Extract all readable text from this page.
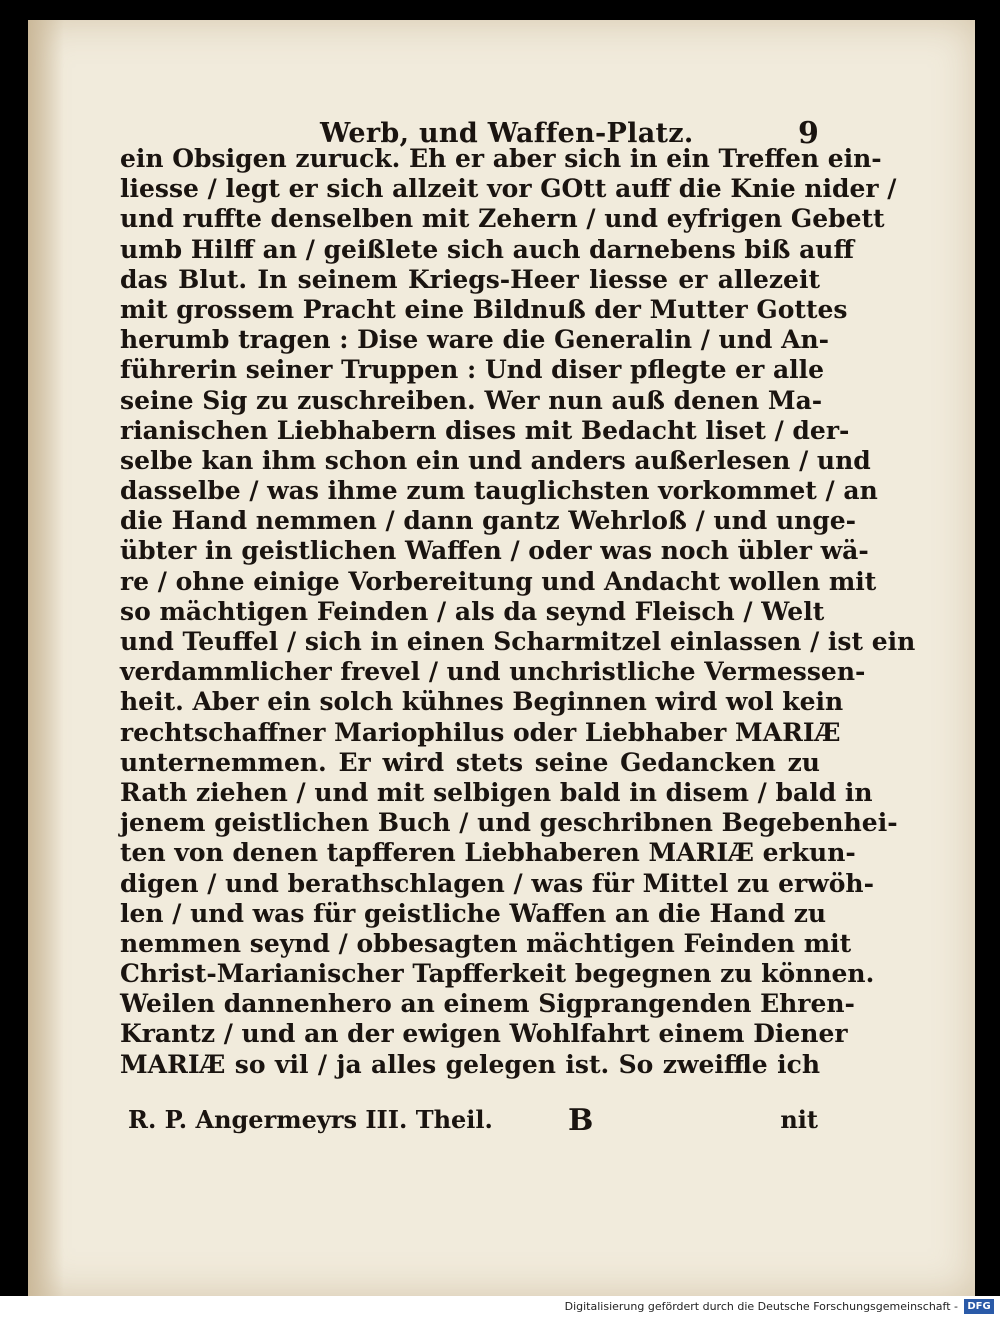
Werb, und Waffen-Platz.	9
ein Obsigen zuruck. Eh er aber sich in ein Treffen ein-
liesse / legt er sich allzeit vor GOtt auff die Knie nider /
und ruffte denselben mit Zehern / und eyfrigen Gebett
umb Hilff an / geißlete sich auch darnebens biß auff
das Blut. In seinem Kriegs-Heer liesse er allezeit
mit grossem Pracht eine Bildnuß der Mutter Gottes
herumb tragen : Dise ware die Generalin / und An-
führerin seiner Truppen : Und diser pflegte er alle
seine Sig zu zuschreiben. Wer nun auß denen Ma-
rianischen Liebhabern dises mit Bedacht liset / der-
selbe kan ihm schon ein und anders außerlesen / und
dasselbe / was ihme zum tauglichsten vorkommet / an
die Hand nemmen / dann gantz Wehrloß / und unge-
übter in geistlichen Waffen / oder was noch übler wä-
re / ohne einige Vorbereitung und Andacht wollen mit
so mächtigen Feinden / als da seynd Fleisch / Welt
und Teuffel / sich in einen Scharmitzel einlassen / ist ein
verdammlicher frevel / und unchristliche Vermessen-
heit. Aber ein solch kühnes Beginnen wird wol kein
rechtschaffner Mariophilus oder Liebhaber MARIÆ
unternemmen. Er wird stets seine Gedancken zu
Rath ziehen / und mit selbigen bald in disem / bald in
jenem geistlichen Buch / und geschribnen Begebenhei-
ten von denen tapfferen Liebhaberen MARIÆ erkun-
digen / und berathschlagen / was für Mittel zu erwöh-
len / und was für geistliche Waffen an die Hand zu
nemmen seynd / obbesagten mächtigen Feinden mit
Christ-Marianischer Tapfferkeit begegnen zu können.
Weilen dannenhero an einem Sigprangenden Ehren-
Krantz / und an der ewigen Wohlfahrt einem Diener
MARIÆ so vil / ja alles gelegen ist. So zweiffle ich
R. P. Angermeyrs III. Theil.	B	nit
Digitalisierung gefördert durch die Deutsche Forschungsgemeinschaft - DFG
